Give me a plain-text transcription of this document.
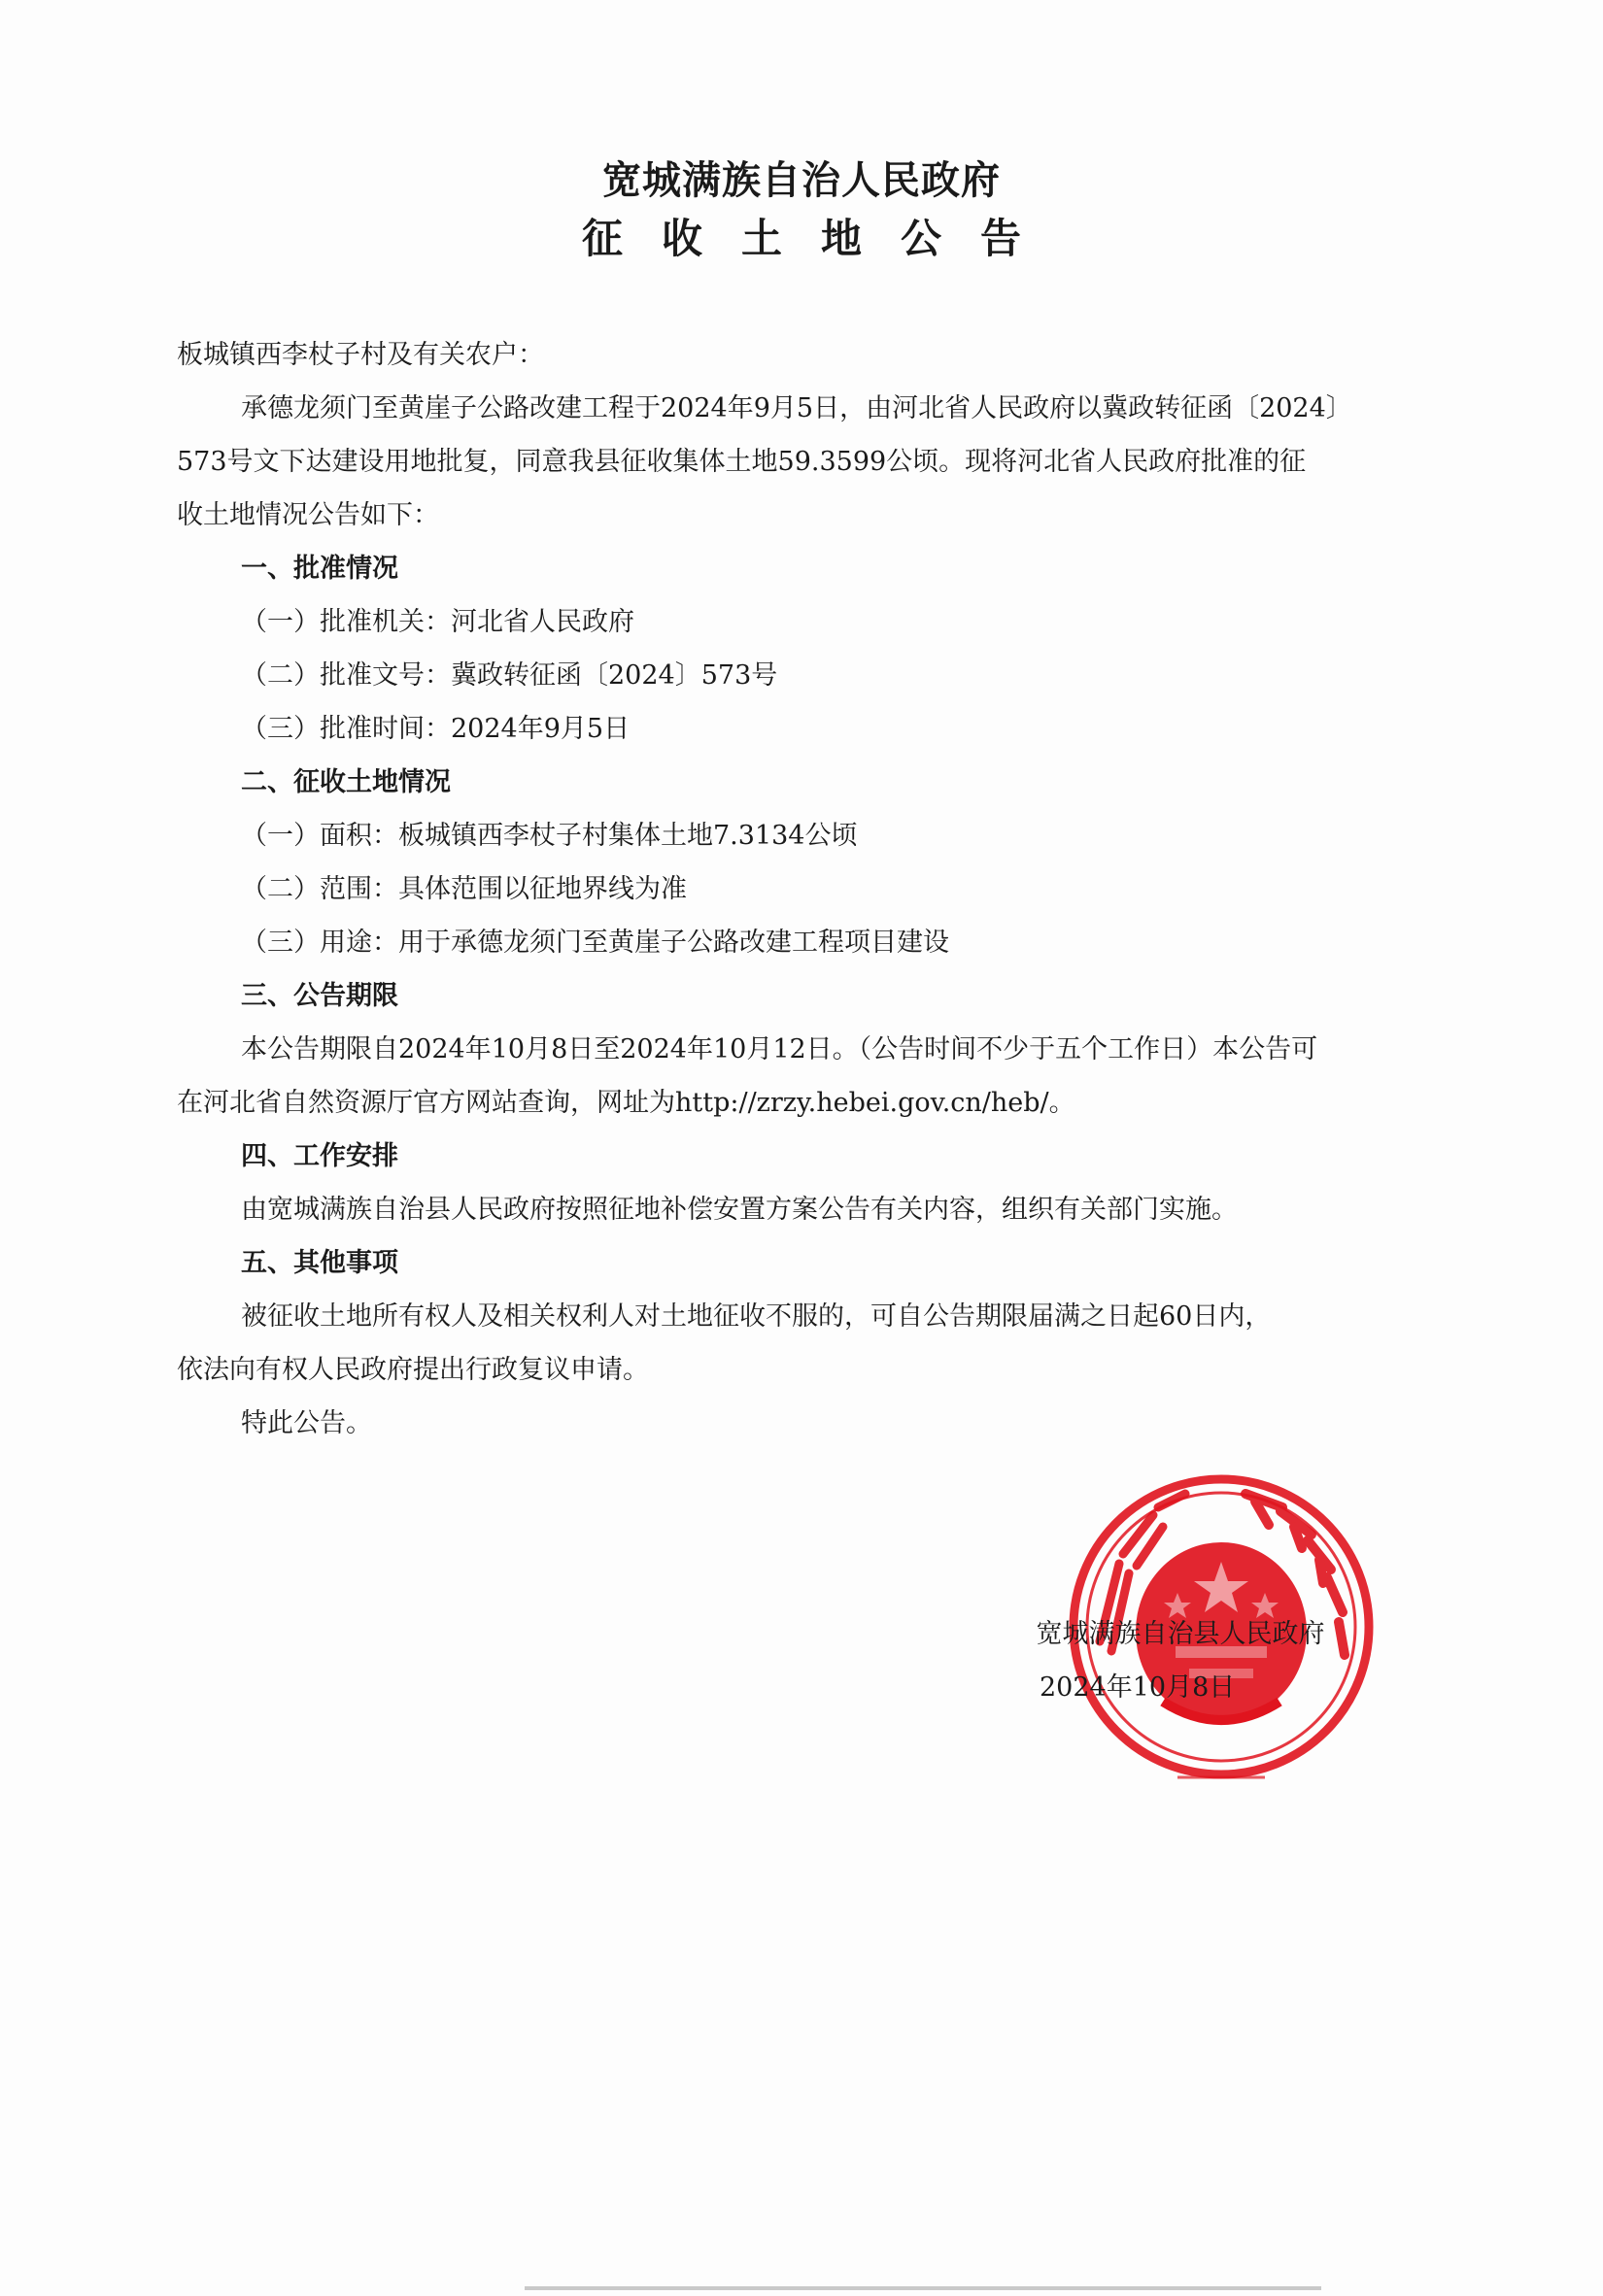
宽城满族自治人民政府
征收土地公告
板城镇西李杖子村及有关农户：
承德龙须门至黄崖子公路改建工程于2024年9月5日，由河北省人民政府以冀政转征函〔2024〕
573号文下达建设用地批复，同意我县征收集体土地59.3599公顷。现将河北省人民政府批准的征
收土地情况公告如下：
一、批准情况
（一）批准机关：河北省人民政府
（二）批准文号：冀政转征函〔2024〕573号
（三）批准时间：2024年9月5日
二、征收土地情况
（一）面积：板城镇西李杖子村集体土地7.3134公顷
（二）范围：具体范围以征地界线为准
（三）用途：用于承德龙须门至黄崖子公路改建工程项目建设
三、公告期限
本公告期限自2024年10月8日至2024年10月12日。（公告时间不少于五个工作日）本公告可
在河北省自然资源厅官方网站查询，网址为http://zrzy.hebei.gov.cn/heb/。
四、工作安排
由宽城满族自治县人民政府按照征地补偿安置方案公告有关内容，组织有关部门实施。
五、其他事项
被征收土地所有权人及相关权利人对土地征收不服的，可自公告期限届满之日起60日内，
依法向有权人民政府提出行政复议申请。
特此公告。
宽城满族自治县人民政府
2024年10月8日
